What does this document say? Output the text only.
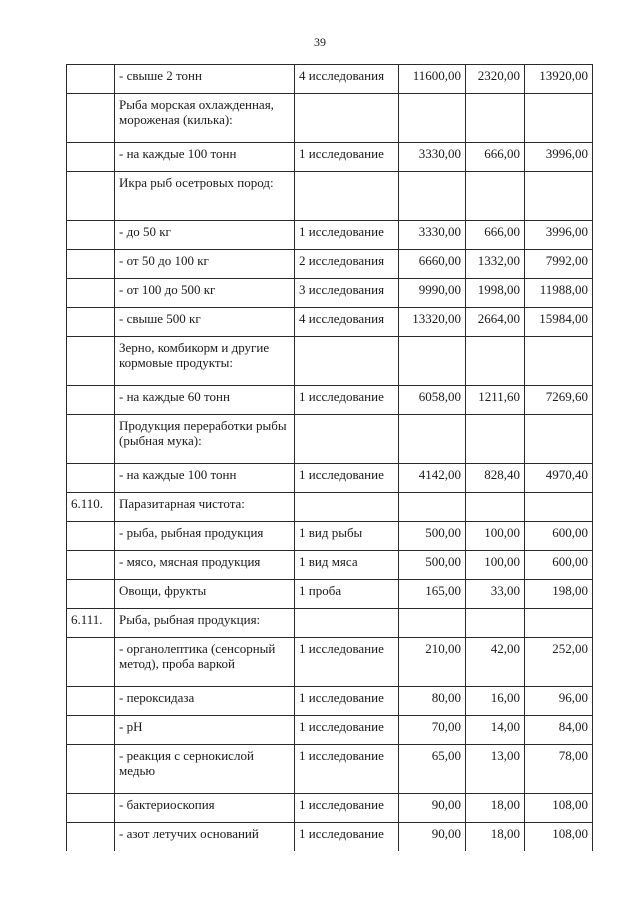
39
	- свыше 2 тонн	4 исследования	11600,00	2320,00	13920,00
	Рыба морская охлажденная, мороженая (килька):				
	- на каждые 100 тонн	1 исследование	3330,00	666,00	3996,00
	Икра рыб осетровых пород:				
	- до 50 кг	1 исследование	3330,00	666,00	3996,00
	- от 50 до 100 кг	2 исследования	6660,00	1332,00	7992,00
	- от 100 до 500 кг	3 исследования	9990,00	1998,00	11988,00
	- свыше 500 кг	4 исследования	13320,00	2664,00	15984,00
	Зерно, комбикорм и другие кормовые продукты:				
	- на каждые 60 тонн	1 исследование	6058,00	1211,60	7269,60
	Продукция переработки рыбы (рыбная мука):				
	- на каждые 100 тонн	1 исследование	4142,00	828,40	4970,40
6.110.	Паразитарная чистота:				
	- рыба, рыбная продукция	1 вид рыбы	500,00	100,00	600,00
	- мясо, мясная продукция	1 вид мяса	500,00	100,00	600,00
	Овощи, фрукты	1 проба	165,00	33,00	198,00
6.111.	Рыба, рыбная продукция:				
	- органолептика (сенсорный метод), проба варкой	1 исследование	210,00	42,00	252,00
	- пероксидаза	1 исследование	80,00	16,00	96,00
	- pH	1 исследование	70,00	14,00	84,00
	- реакция с сернокислой медью	1 исследование	65,00	13,00	78,00
	- бактериоскопия	1 исследование	90,00	18,00	108,00
	- азот летучих оснований	1 исследование	90,00	18,00	108,00
